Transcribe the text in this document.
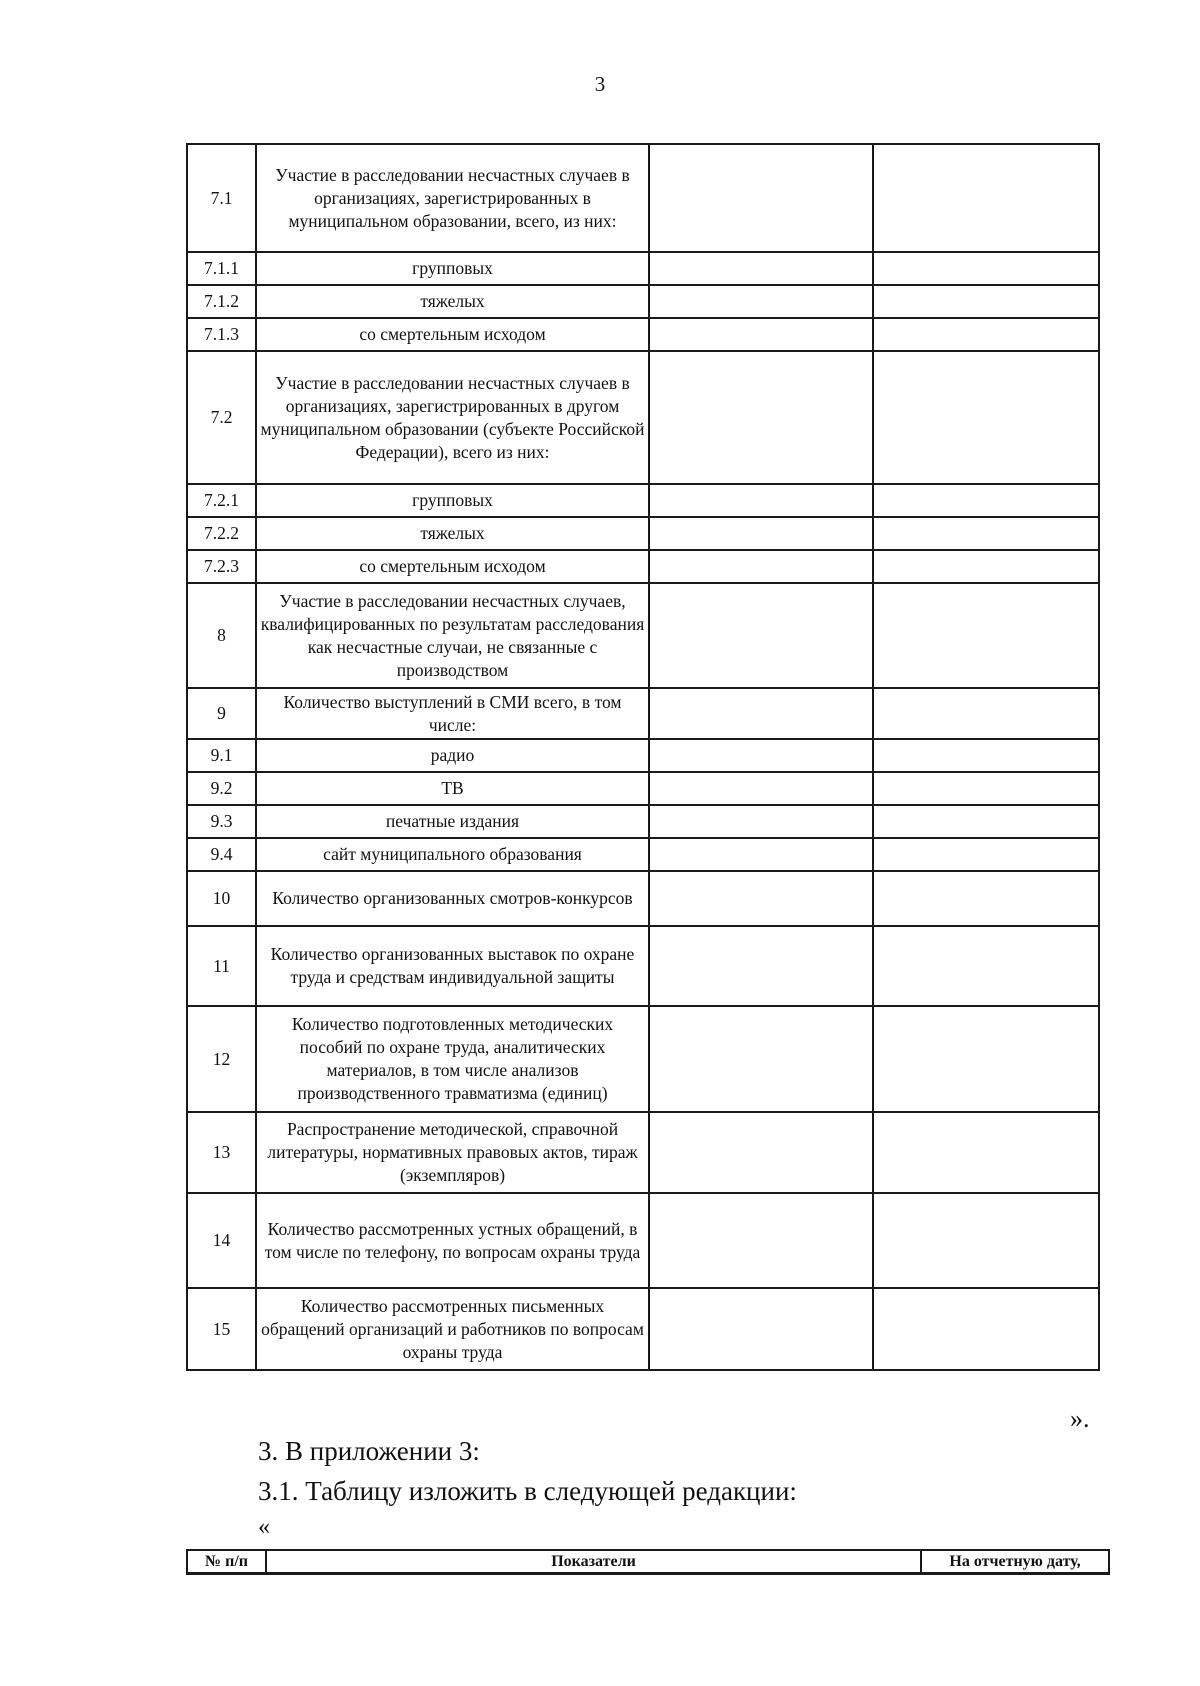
3
7.1	Участие в расследовании несчастных случаев в организациях, зарегистрированных в муниципальном образовании, всего, из них:		
7.1.1	групповых		
7.1.2	тяжелых		
7.1.3	со смертельным исходом		
7.2	Участие в расследовании несчастных случаев в организациях, зарегистрированных в другом муниципальном образовании (субъекте Российской Федерации), всего из них:		
7.2.1	групповых		
7.2.2	тяжелых		
7.2.3	со смертельным исходом		
8	Участие в расследовании несчастных случаев, квалифицированных по результатам расследования как несчастные случаи, не связанные с производством		
9	Количество выступлений в СМИ всего, в том числе:		
9.1	радио		
9.2	ТВ		
9.3	печатные издания		
9.4	сайт муниципального образования		
10	Количество организованных смотров-конкурсов		
11	Количество организованных выставок по охране труда и средствам индивидуальной защиты		
12	Количество подготовленных методических пособий по охране труда, аналитических материалов, в том числе анализов производственного травматизма (единиц)		
13	Распространение методической, справочной литературы, нормативных правовых актов, тираж (экземпляров)		
14	Количество рассмотренных устных обращений, в том числе по телефону, по вопросам охраны труда		
15	Количество рассмотренных письменных обращений организаций и работников по вопросам охраны труда		
».
3. В приложении 3:
3.1. Таблицу изложить в следующей редакции:
«
№ п/п	Показатели	На отчетную дату,
